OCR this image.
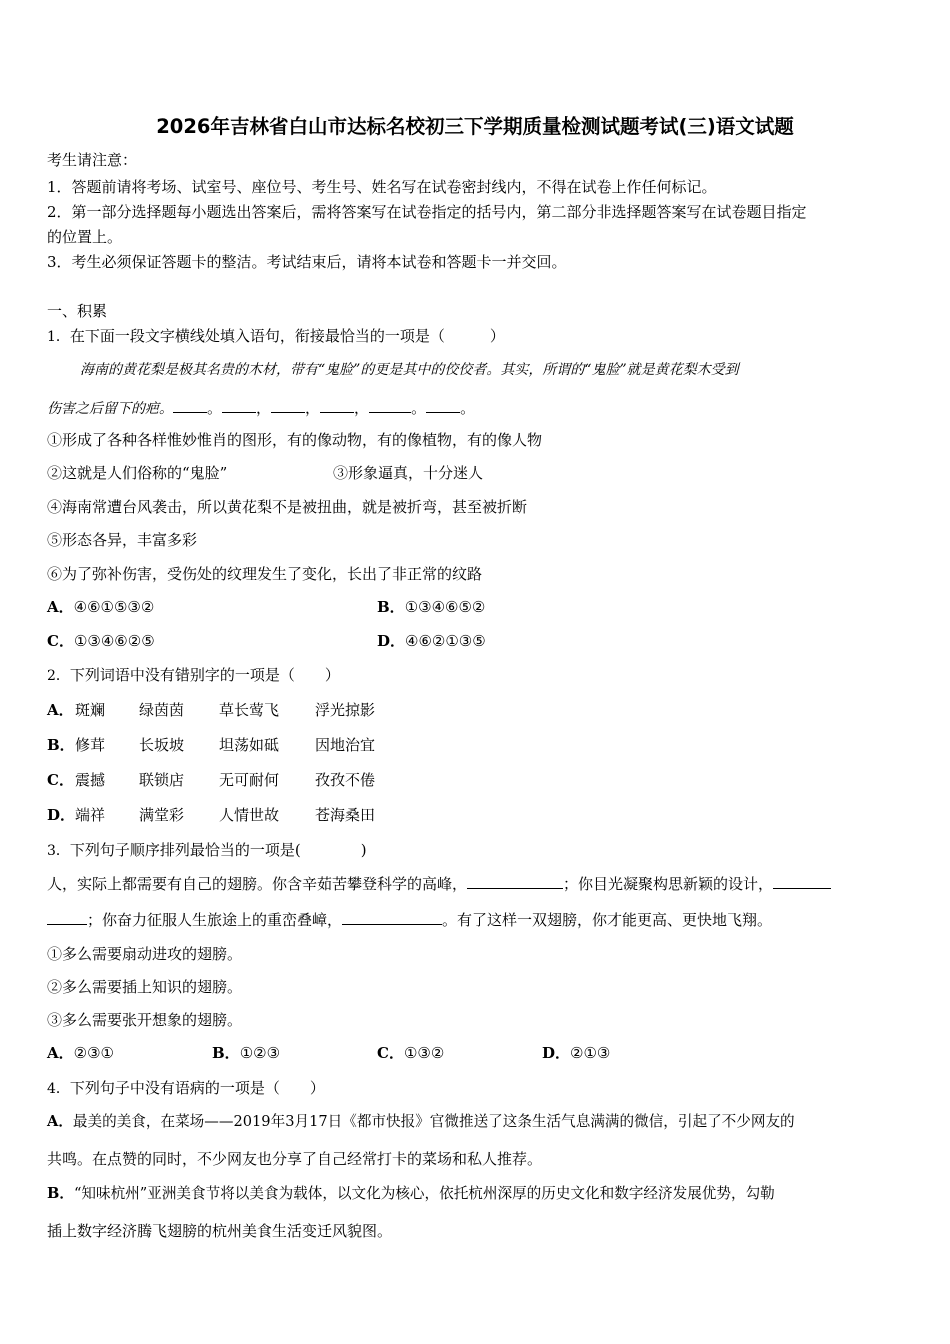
2026年吉林省白山市达标名校初三下学期质量检测试题考试(三)语文试题
考生请注意：
1．答题前请将考场、试室号、座位号、考生号、姓名写在试卷密封线内，不得在试卷上作任何标记。
2．第一部分选择题每小题选出答案后，需将答案写在试卷指定的括号内，第二部分非选择题答案写在试卷题目指定
的位置上。
3．考生必须保证答题卡的整洁。考试结束后，请将本试卷和答题卡一并交回。
一、积累
1．在下面一段文字横线处填入语句，衔接最恰当的一项是（　　　）
海南的黄花梨是极其名贵的木材，带有“鬼脸”的更是其中的佼佼者。其实，所谓的“鬼脸”就是黄花梨木受到
伤害之后留下的疤。 。 ， ， ，	。 。
①形成了各种各样惟妙惟肖的图形，有的像动物，有的像植物，有的像人物
②这就是人们俗称的“鬼脸”	③形象逼真，十分迷人
④海南常遭台风袭击，所以黄花梨不是被扭曲，就是被折弯，甚至被折断
⑤形态各异，丰富多彩
⑥为了弥补伤害，受伤处的纹理发生了变化，长出了非正常的纹路
A．④⑥①⑤③②	B．①③④⑥⑤②
C．①③④⑥②⑤	D．④⑥②①③⑤
2．下列词语中没有错别字的一项是（　　）
A．斑斓 绿茵茵 草长莺飞 浮光掠影
B．修茸 长坂坡 坦荡如砥 因地治宜
C．震撼 联锁店 无可耐何 孜孜不倦
D．端祥 满堂彩 人情世故 苍海桑田
3．下列句子顺序排列最恰当的一项是(　　　　)
人，实际上都需要有自己的翅膀。你含辛茹苦攀登科学的高峰，	；你目光凝聚构思新颖的设计，
；你奋力征服人生旅途上的重峦叠嶂，	。有了这样一双翅膀，你才能更高、更快地飞翔。
①多么需要扇动进攻的翅膀。
②多么需要插上知识的翅膀。
③多么需要张开想象的翅膀。
A．②③①	B．①②③	C．①③②	D．②①③
4．下列句子中没有语病的一项是（　　）
A．最美的美食，在菜场——2019年3月17日《都市快报》官微推送了这条生活气息满满的微信，引起了不少网友的
共鸣。在点赞的同时，不少网友也分享了自己经常打卡的菜场和私人推荐。
B．“知味杭州”亚洲美食节将以美食为载体，以文化为核心，依托杭州深厚的历史文化和数字经济发展优势，勾勒
插上数字经济腾飞翅膀的杭州美食生活变迁风貌图。
